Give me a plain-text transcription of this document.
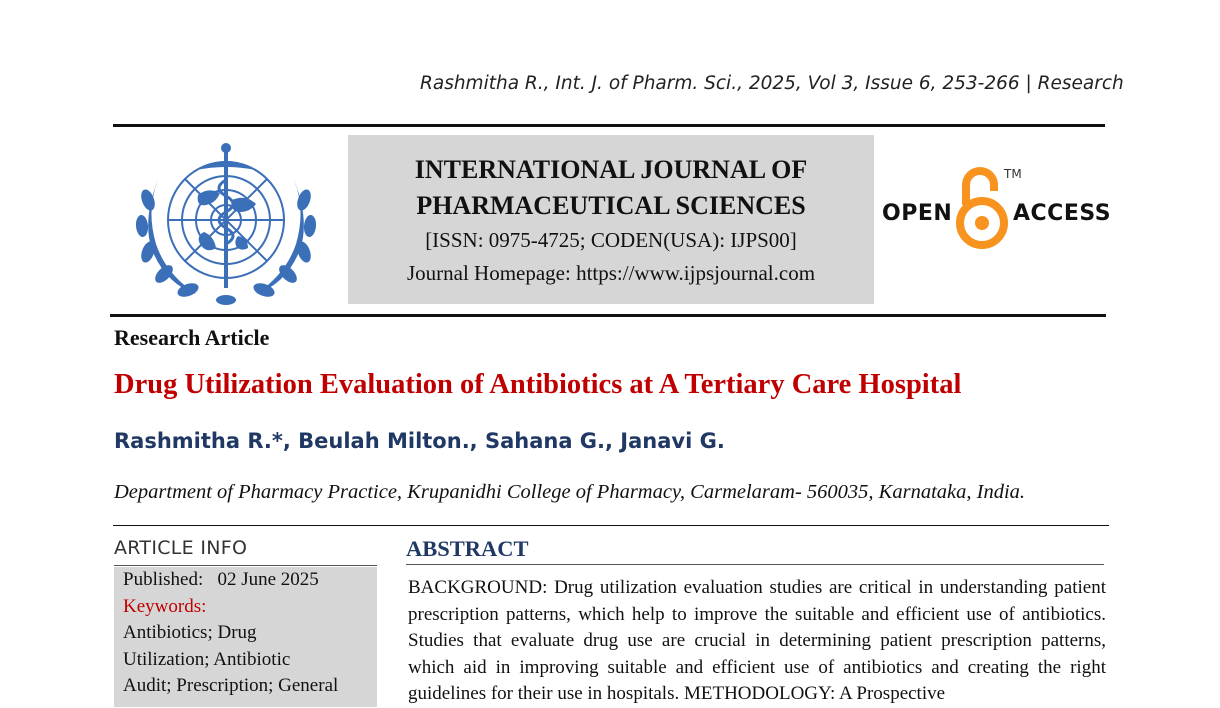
Rashmitha R., Int. J. of Pharm. Sci., 2025, Vol 3, Issue 6, 253-266 | Research
INTERNATIONAL JOURNAL OF
PHARMACEUTICAL SCIENCES
[ISSN: 0975-4725; CODEN(USA): IJPS00]
Journal Homepage: https://www.ijpsjournal.com
OPEN
TM
ACCESS
Research Article
Drug Utilization Evaluation of Antibiotics at A Tertiary Care Hospital
Rashmitha R.*, Beulah Milton., Sahana G., Janavi G.
Department of Pharmacy Practice, Krupanidhi College of Pharmacy, Carmelaram- 560035, Karnataka, India.
ARTICLE INFO
Published:   02 June 2025
Keywords:
Antibiotics; Drug
Utilization; Antibiotic
Audit; Prescription; General
ABSTRACT
BACKGROUND: Drug utilization evaluation studies are critical in understanding patient prescription patterns, which help to improve the suitable and efficient use of antibiotics. Studies that evaluate drug use are crucial in determining patient prescription patterns, which aid in improving suitable and efficient use of antibiotics and creating the right guidelines for their use in hospitals. METHODOLOGY: A Prospective
